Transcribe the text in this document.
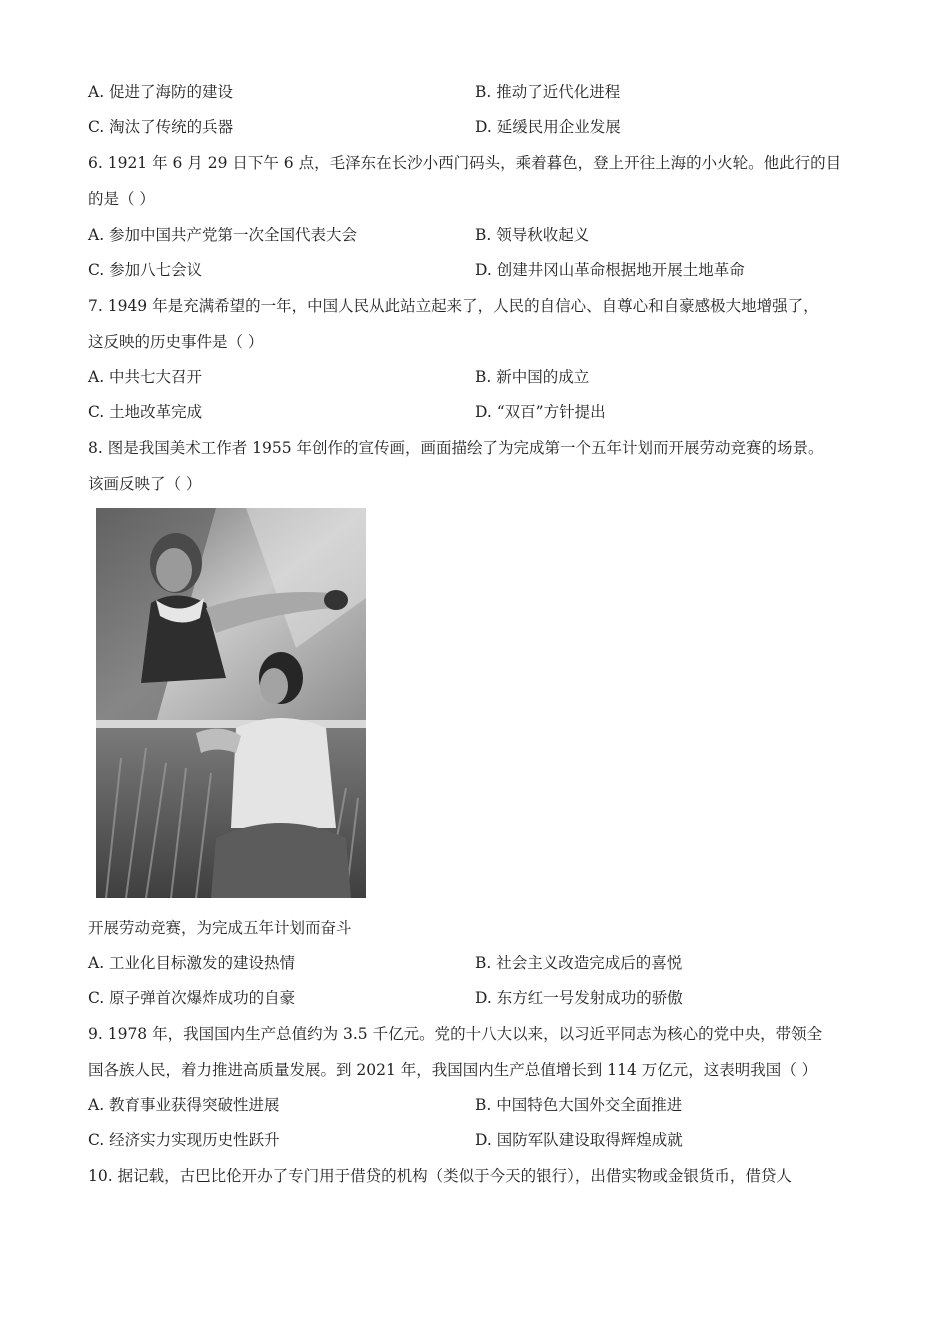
A. 促进了海防的建设	B. 推动了近代化进程
C. 淘汰了传统的兵器	D. 延缓民用企业发展
6. 1921 年 6 月 29 日下午 6 点，毛泽东在长沙小西门码头，乘着暮色，登上开往上海的小火轮。他此行的目
的是（ ）
A. 参加中国共产党第一次全国代表大会	B. 领导秋收起义
C. 参加八七会议	D. 创建井冈山革命根据地开展土地革命
7. 1949 年是充满希望的一年，中国人民从此站立起来了，人民的自信心、自尊心和自豪感极大地增强了，
这反映的历史事件是（ ）
A. 中共七大召开	B. 新中国的成立
C. 土地改革完成	D. “双百”方针提出
8. 图是我国美术工作者 1955 年创作的宣传画，画面描绘了为完成第一个五年计划而开展劳动竞赛的场景。
该画反映了（ ）
开展劳动竞赛，为完成五年计划而奋斗
A. 工业化目标激发的建设热情	B. 社会主义改造完成后的喜悦
C. 原子弹首次爆炸成功的自豪	D. 东方红一号发射成功的骄傲
9. 1978 年，我国国内生产总值约为 3.5 千亿元。党的十八大以来，以习近平同志为核心的党中央，带领全
国各族人民，着力推进高质量发展。到 2021 年，我国国内生产总值增长到 114 万亿元，这表明我国（ ）
A. 教育事业获得突破性进展	B. 中国特色大国外交全面推进
C. 经济实力实现历史性跃升	D. 国防军队建设取得辉煌成就
10. 据记载，古巴比伦开办了专门用于借贷的机构（类似于今天的银行），出借实物或金银货币，借贷人
